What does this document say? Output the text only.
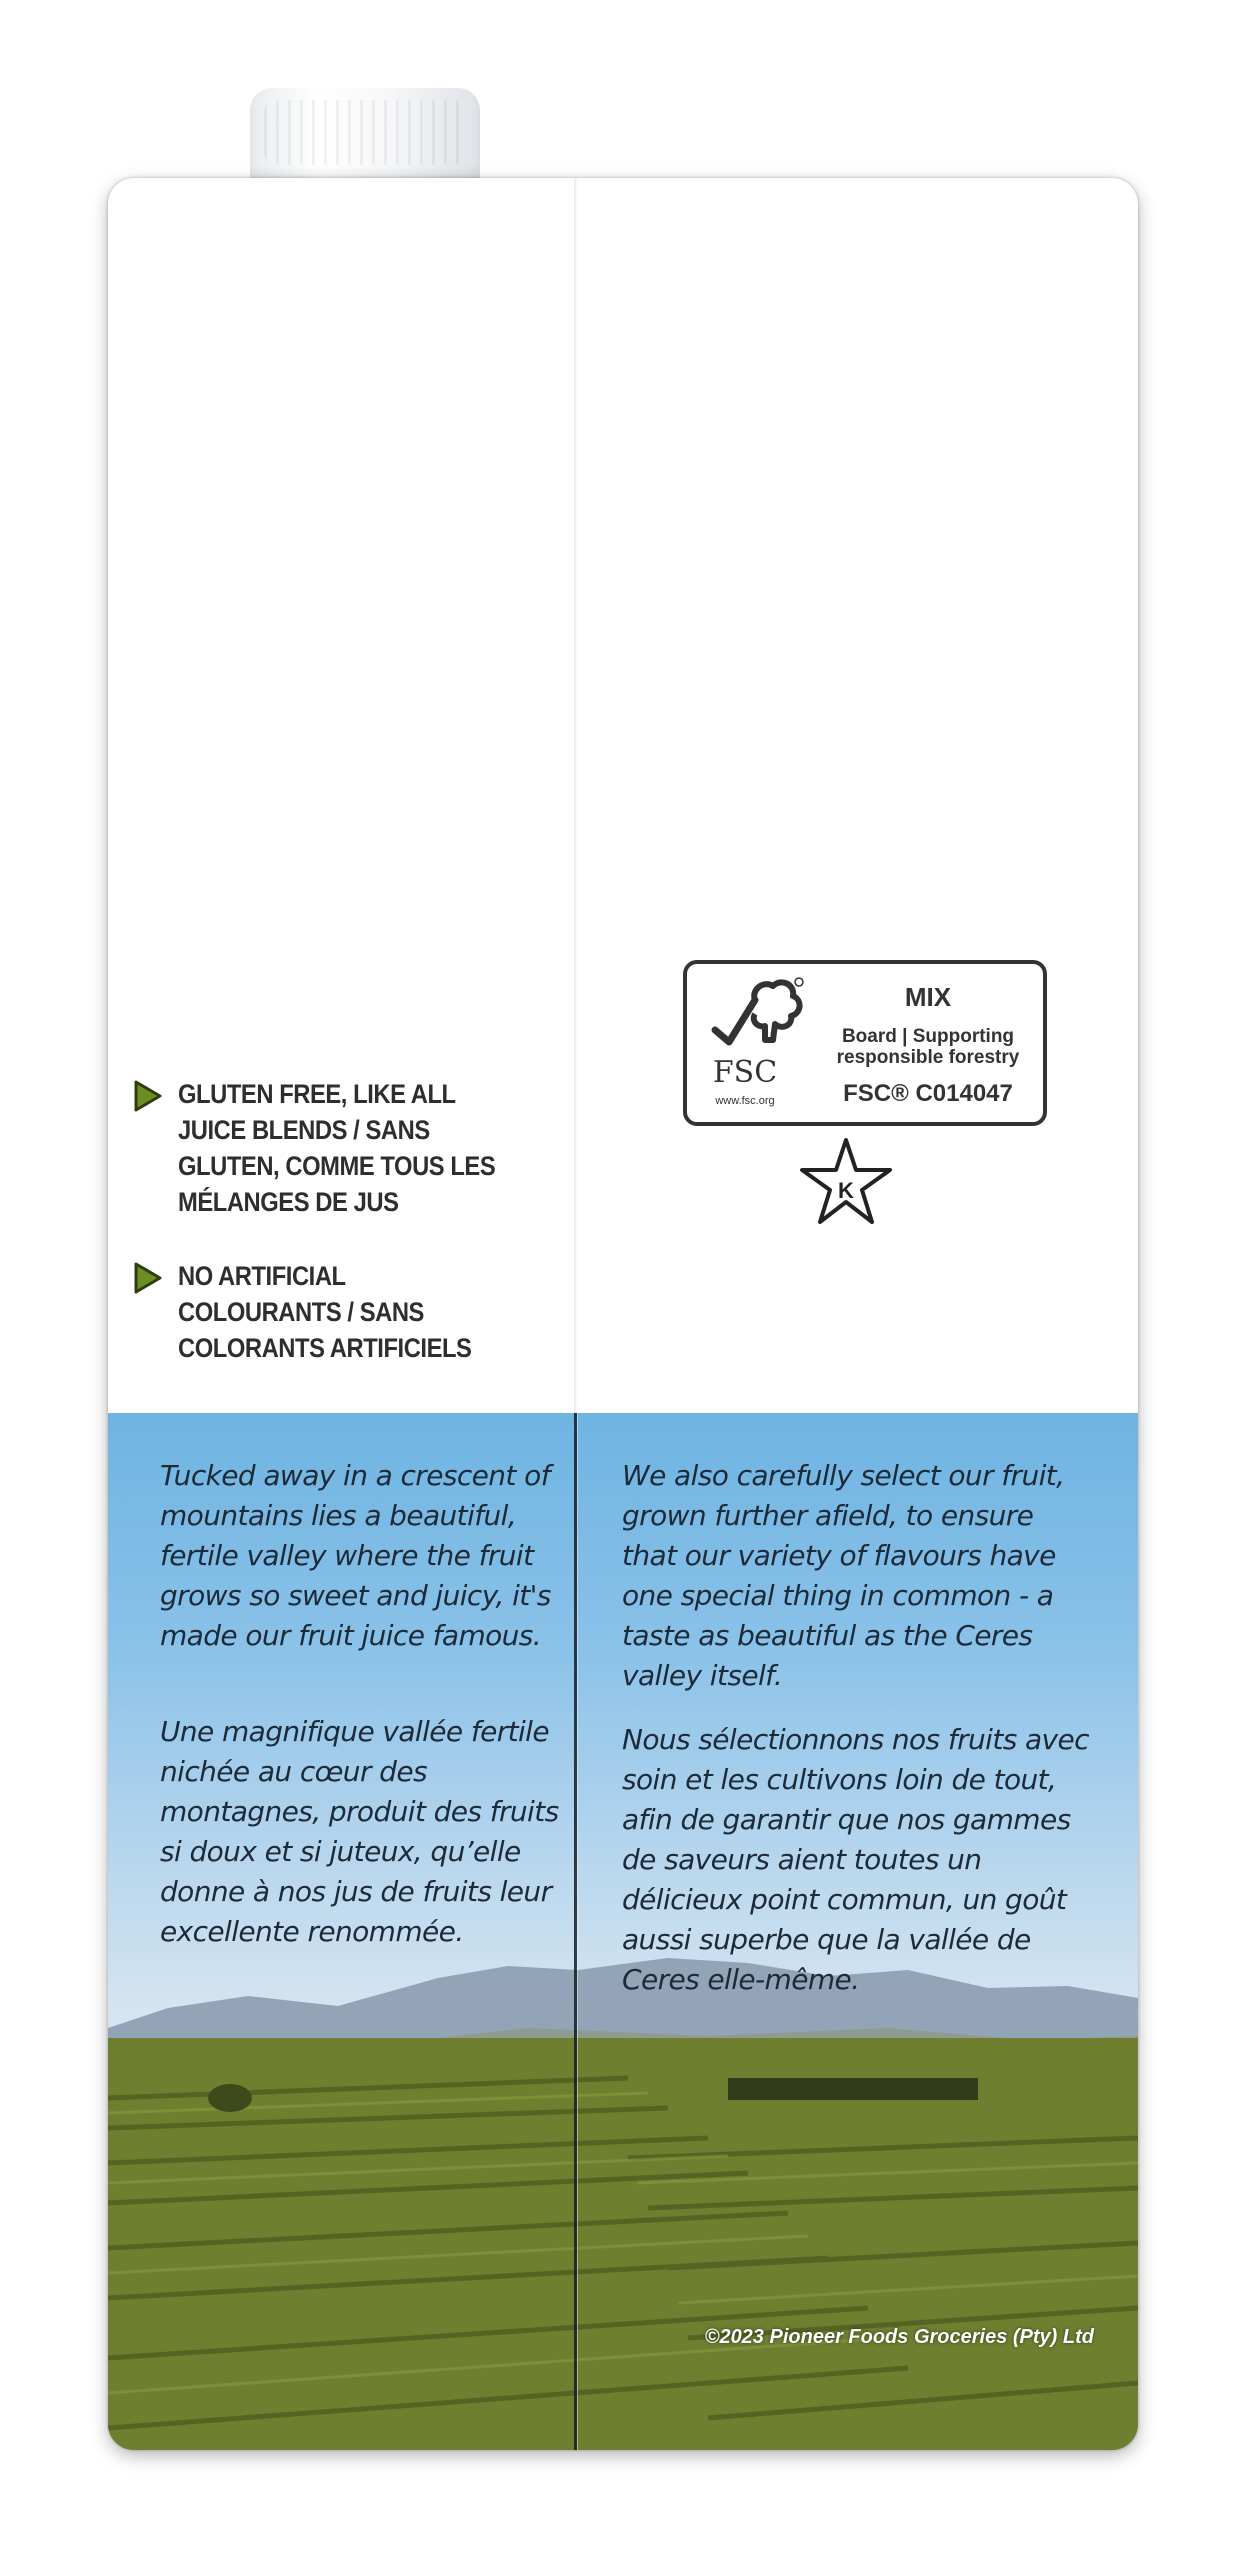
GLUTEN FREE, LIKE ALL JUICE BLENDS / SANS GLUTEN, COMME TOUS LES MÉLANGES DE JUS
NO ARTIFICIAL COLOURANTS / SANS COLORANTS ARTIFICIELS
FSC
www.fsc.org
MIX
Board | Supporting responsible forestry
FSC® C014047
K

Tucked away in a crescent of mountains lies a beautiful, fertile valley where the fruit grows so sweet and juicy, it's made our fruit juice famous.

Une magnifique vallée fertile nichée au cœur des montagnes, produit des fruits si doux et si juteux, qu’elle donne à nos jus de fruits leur excellente renommée.

We also carefully select our fruit, grown further afield, to ensure that our variety of flavours have one special thing in common - a taste as beautiful as the Ceres valley itself.

Nous sélectionnons nos fruits avec soin et les cultivons loin de tout, afin de garantir que nos gammes de saveurs aient toutes un délicieux point commun, un goût aussi superbe que la vallée de Ceres elle-même.

©2023 Pioneer Foods Groceries (Pty) Ltd
